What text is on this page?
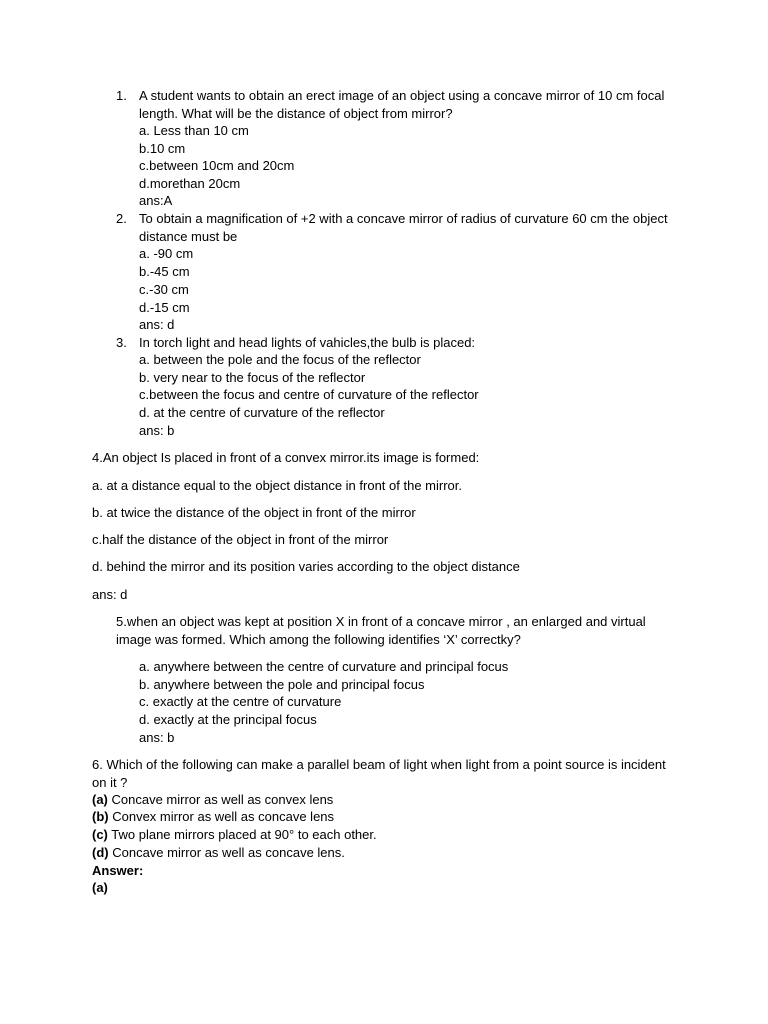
1. A student wants to obtain an erect image of an object using a concave mirror of 10 cm focal
length. What will be the distance of object from mirror?
a. Less than 10 cm
b.10 cm
c.between 10cm and 20cm
d.morethan 20cm
ans:A
2. To obtain a magnification of +2 with a concave mirror of radius of curvature 60 cm the object
distance must be
a. -90 cm
b.-45 cm
c.-30 cm
d.-15 cm
ans: d
3. In torch light and head lights of vahicles,the bulb is placed:
a. between the pole and the focus of the reflector
b. very near to the focus of the reflector
c.between the focus and centre of curvature of the reflector
d. at the centre of curvature of the reflector
ans: b
4.An object Is placed in front of a convex mirror.its image is formed:
a. at a distance equal to the object distance in front of the mirror.
b. at twice the distance of the object in front of the mirror
c.half the distance of the object in front of the mirror
d. behind the mirror and its position varies according to the object distance
ans: d
5.when an object was kept at position X in front of a concave mirror , an enlarged and virtual
image was formed. Which among the following identifies ‘X’ correctky?
a. anywhere between the centre of curvature and principal focus
b. anywhere between the pole and principal focus
c. exactly at the centre of curvature
d. exactly at the principal focus
ans: b
6. Which of the following can make a parallel beam of light when light from a point source is incident
on it ?
(a) Concave mirror as well as convex lens
(b) Convex mirror as well as concave lens
(c) Two plane mirrors placed at 90° to each other.
(d) Concave mirror as well as concave lens.
Answer:
(a)
